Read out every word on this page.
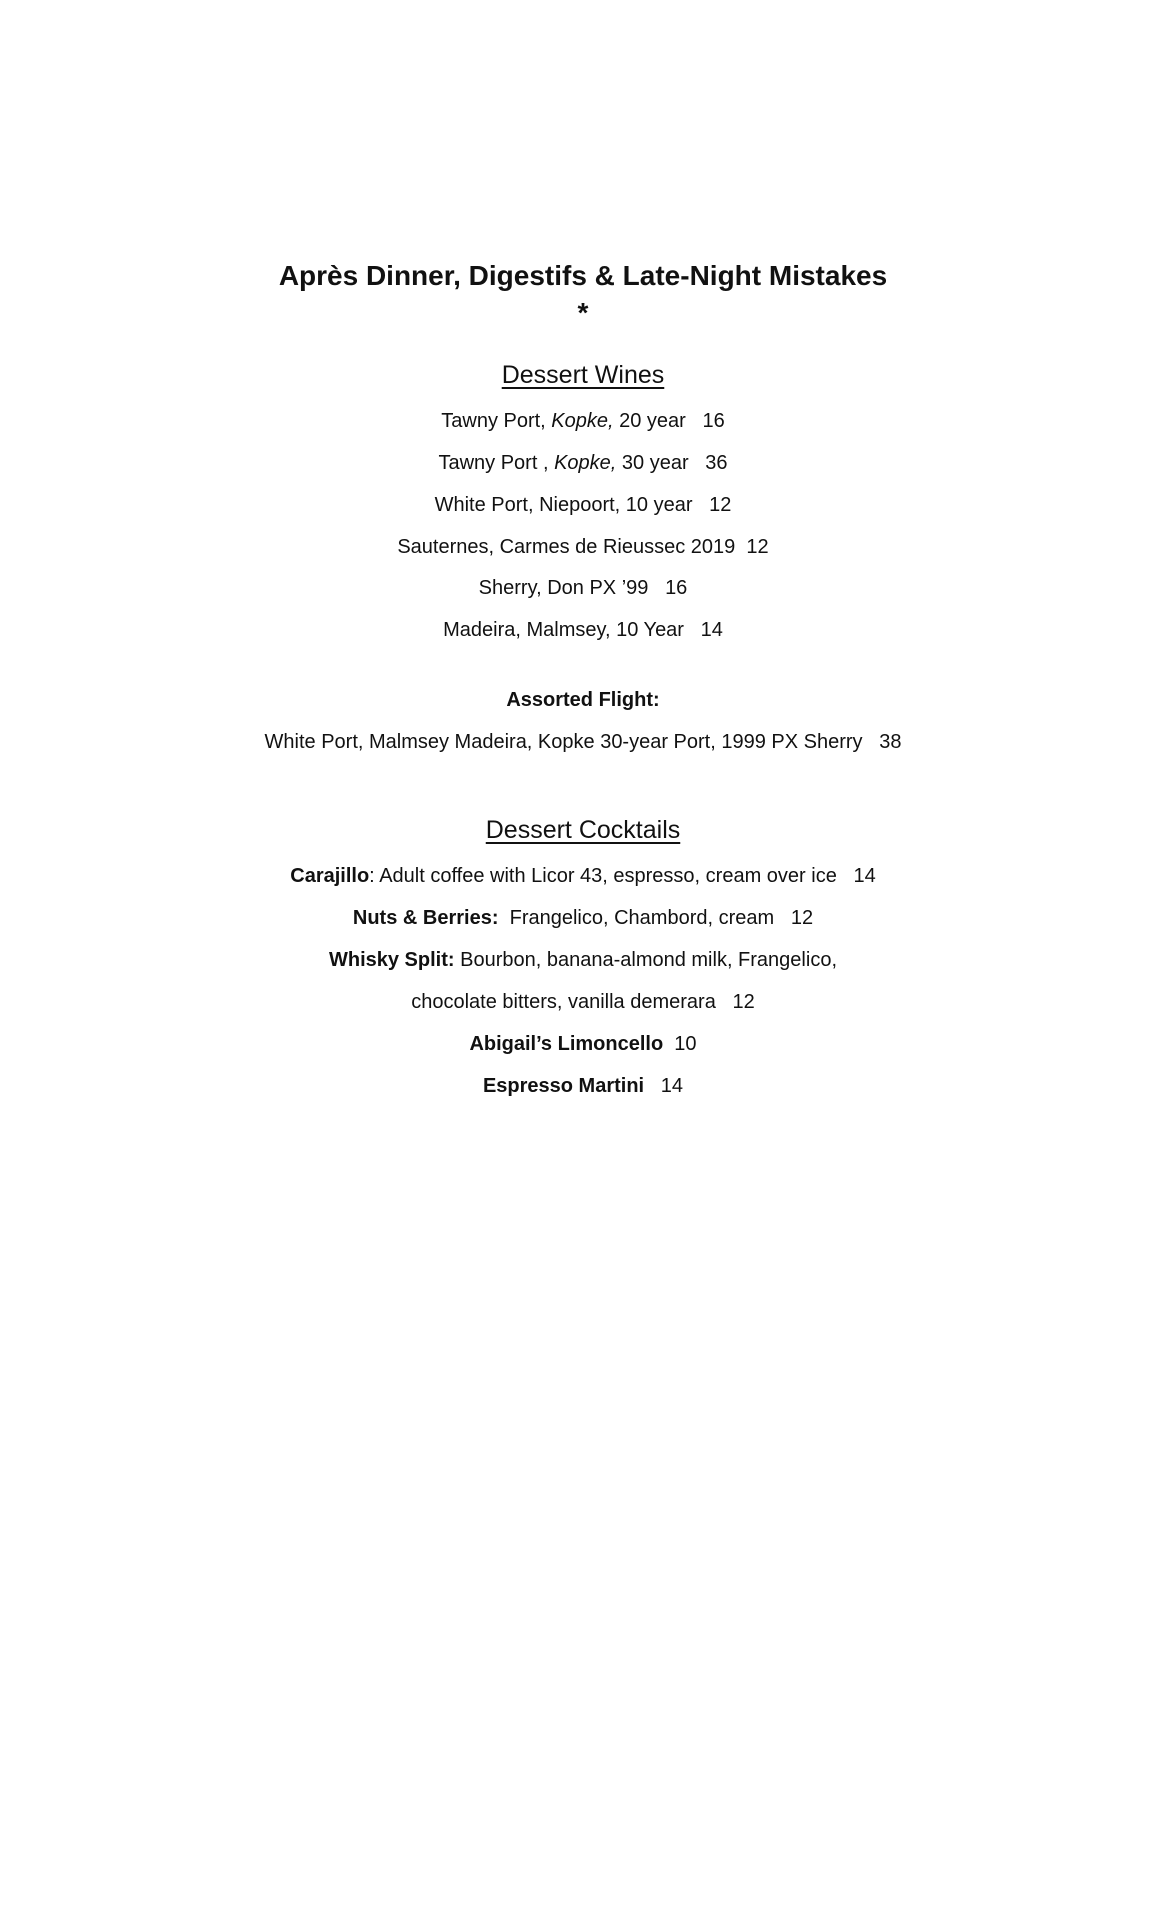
Après Dinner, Digestifs & Late-Night Mistakes
*
Dessert Wines
Tawny Port, Kopke, 20 year 16
Tawny Port , Kopke, 30 year 36
White Port, Niepoort, 10 year 12
Sauternes, Carmes de Rieussec 2019 12
Sherry, Don PX ’99 16
Madeira, Malmsey, 10 Year 14
Assorted Flight:
White Port, Malmsey Madeira, Kopke 30-year Port, 1999 PX Sherry 38
Dessert Cocktails
Carajillo: Adult coffee with Licor 43, espresso, cream over ice 14
Nuts & Berries:  Frangelico, Chambord, cream 12
Whisky Split: Bourbon, banana-almond milk, Frangelico,
chocolate bitters, vanilla demerara 12
Abigail’s Limoncello 10
Espresso Martini 14
